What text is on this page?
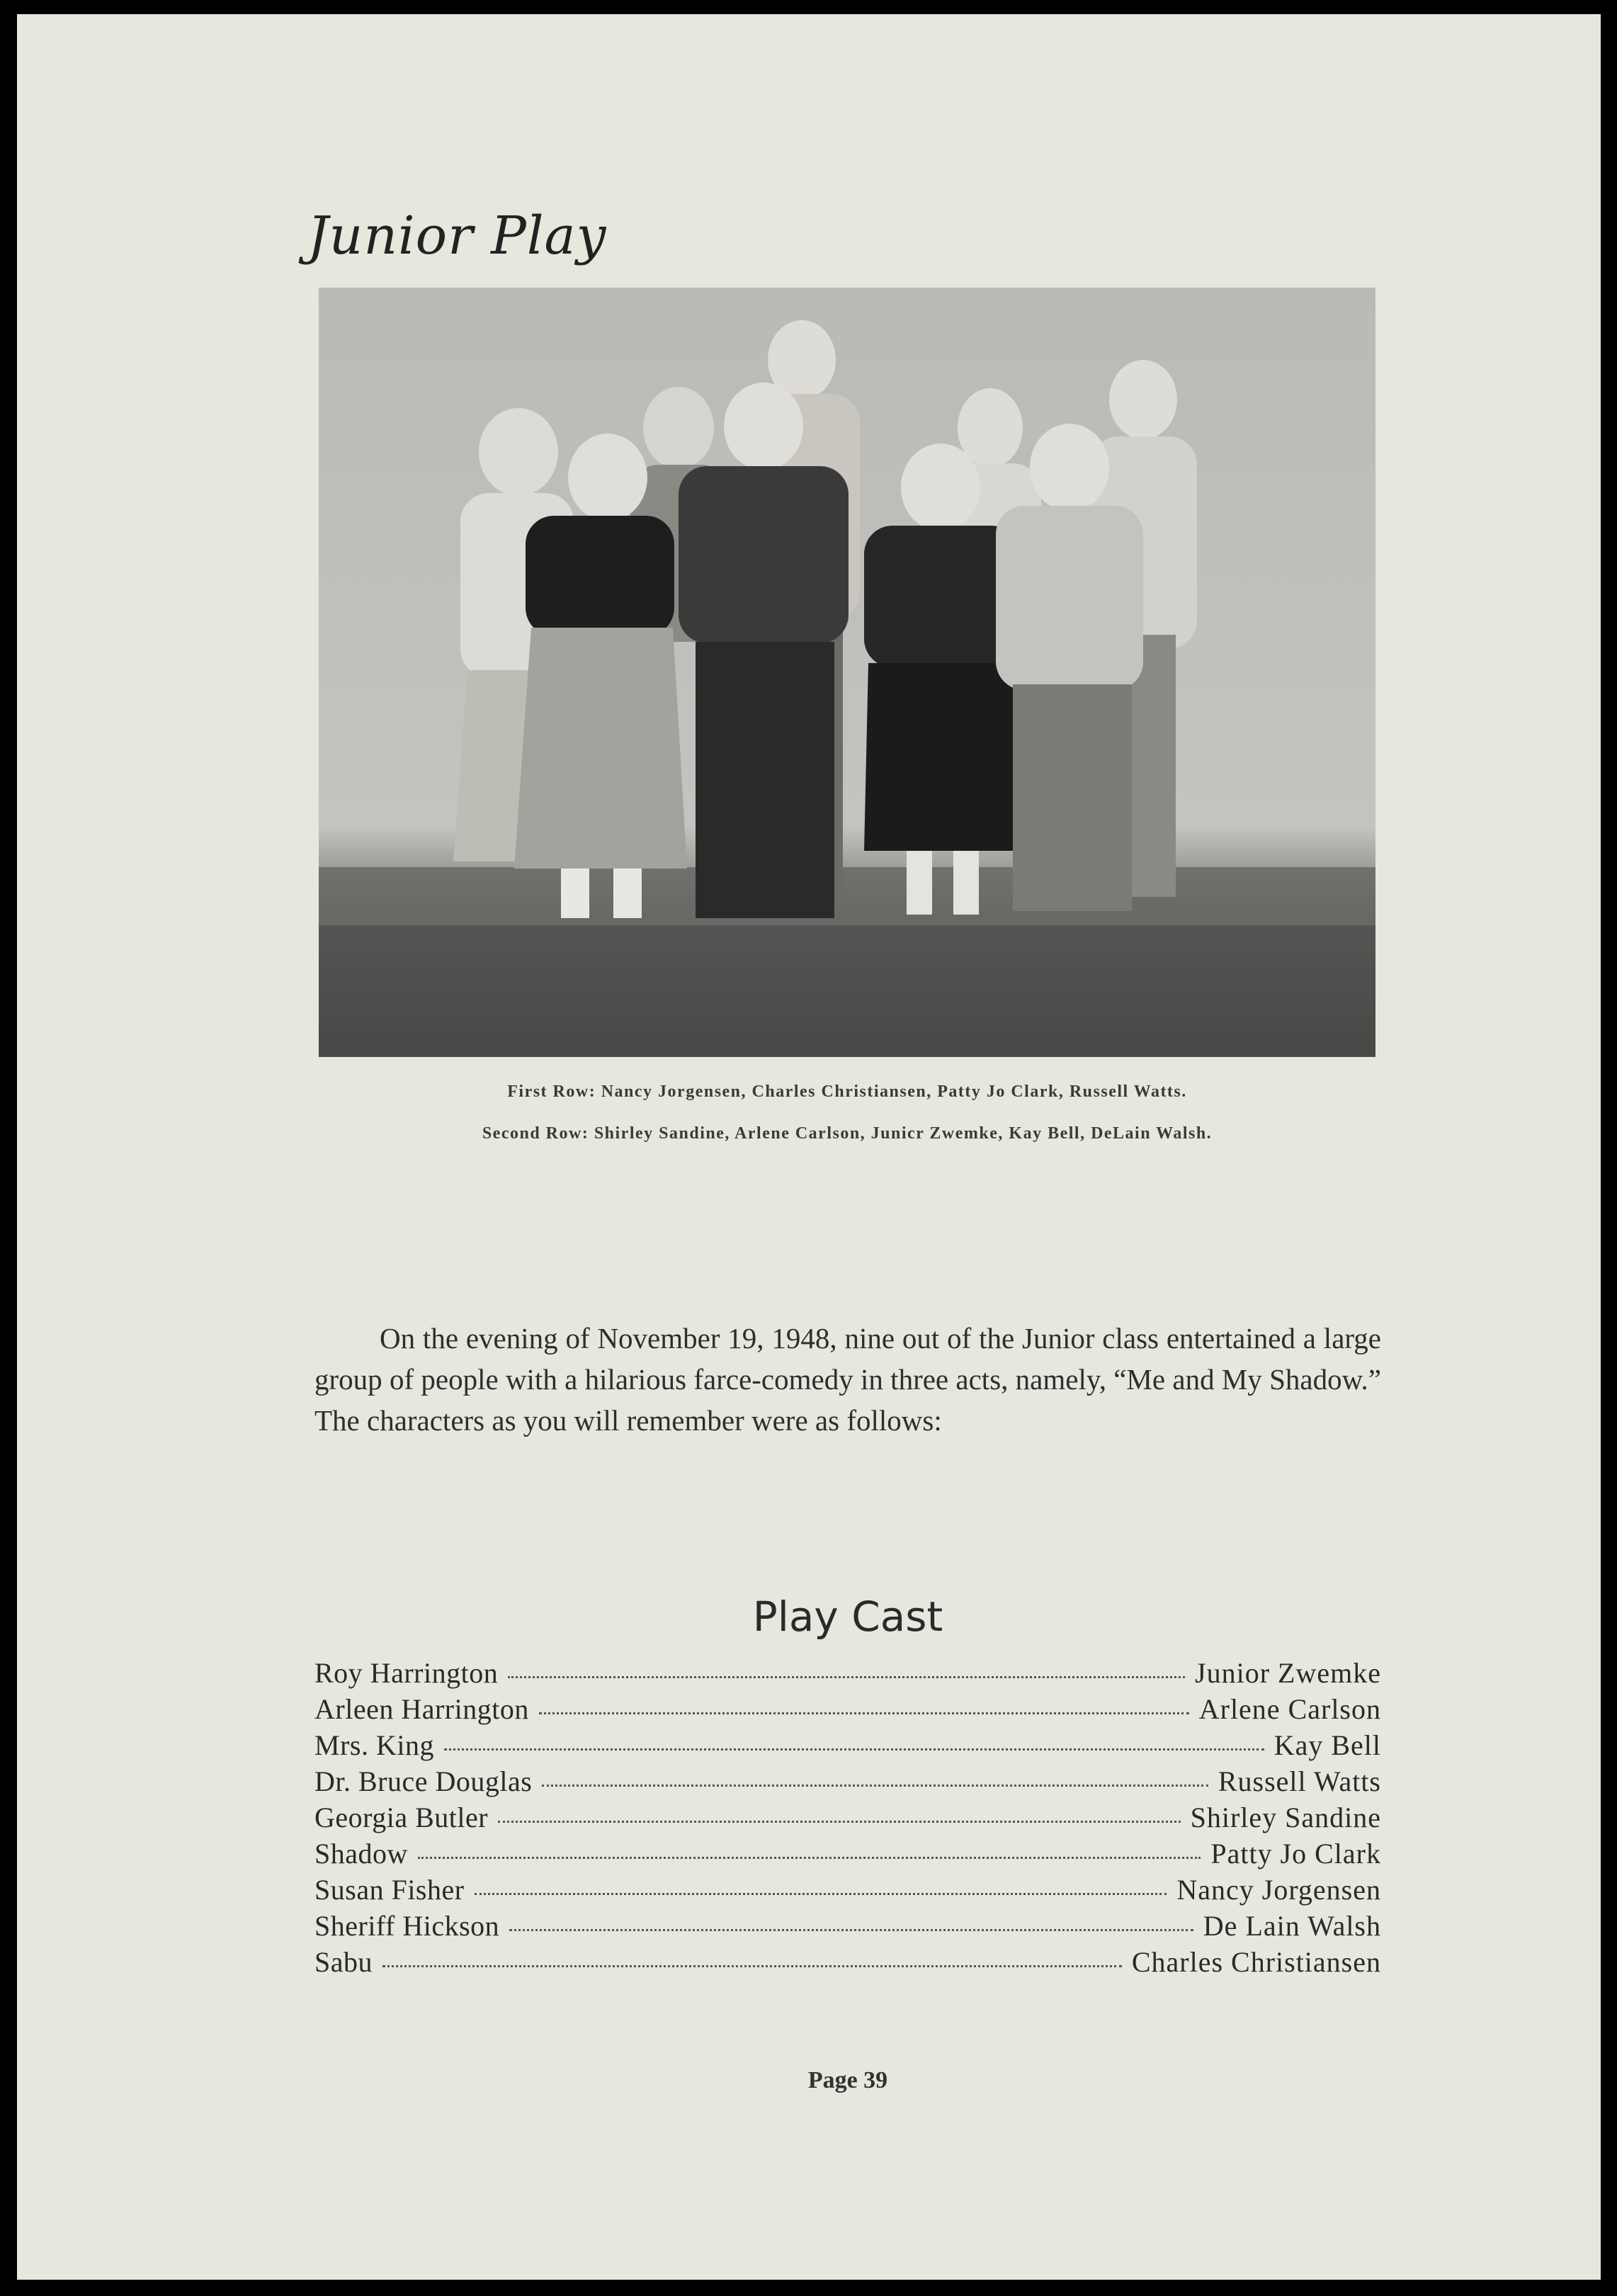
Junior Play
First Row: Nancy Jorgensen, Charles Christiansen, Patty Jo Clark, Russell Watts.
Second Row: Shirley Sandine, Arlene Carlson, Junicr Zwemke, Kay Bell, DeLain Walsh.

On the evening of November 19, 1948, nine out of the Junior class entertained a large group of people with a hilarious farce-comedy in three acts, namely, “Me and My Shadow.” The characters as you will remember were as follows:

Play Cast
Roy Harrington	Junior Zwemke
Arleen Harrington	Arlene Carlson
Mrs. King	Kay Bell
Dr. Bruce Douglas	Russell Watts
Georgia Butler	Shirley Sandine
Shadow	Patty Jo Clark
Susan Fisher	Nancy Jorgensen
Sheriff Hickson	De Lain Walsh
Sabu	Charles Christiansen
Page 39
